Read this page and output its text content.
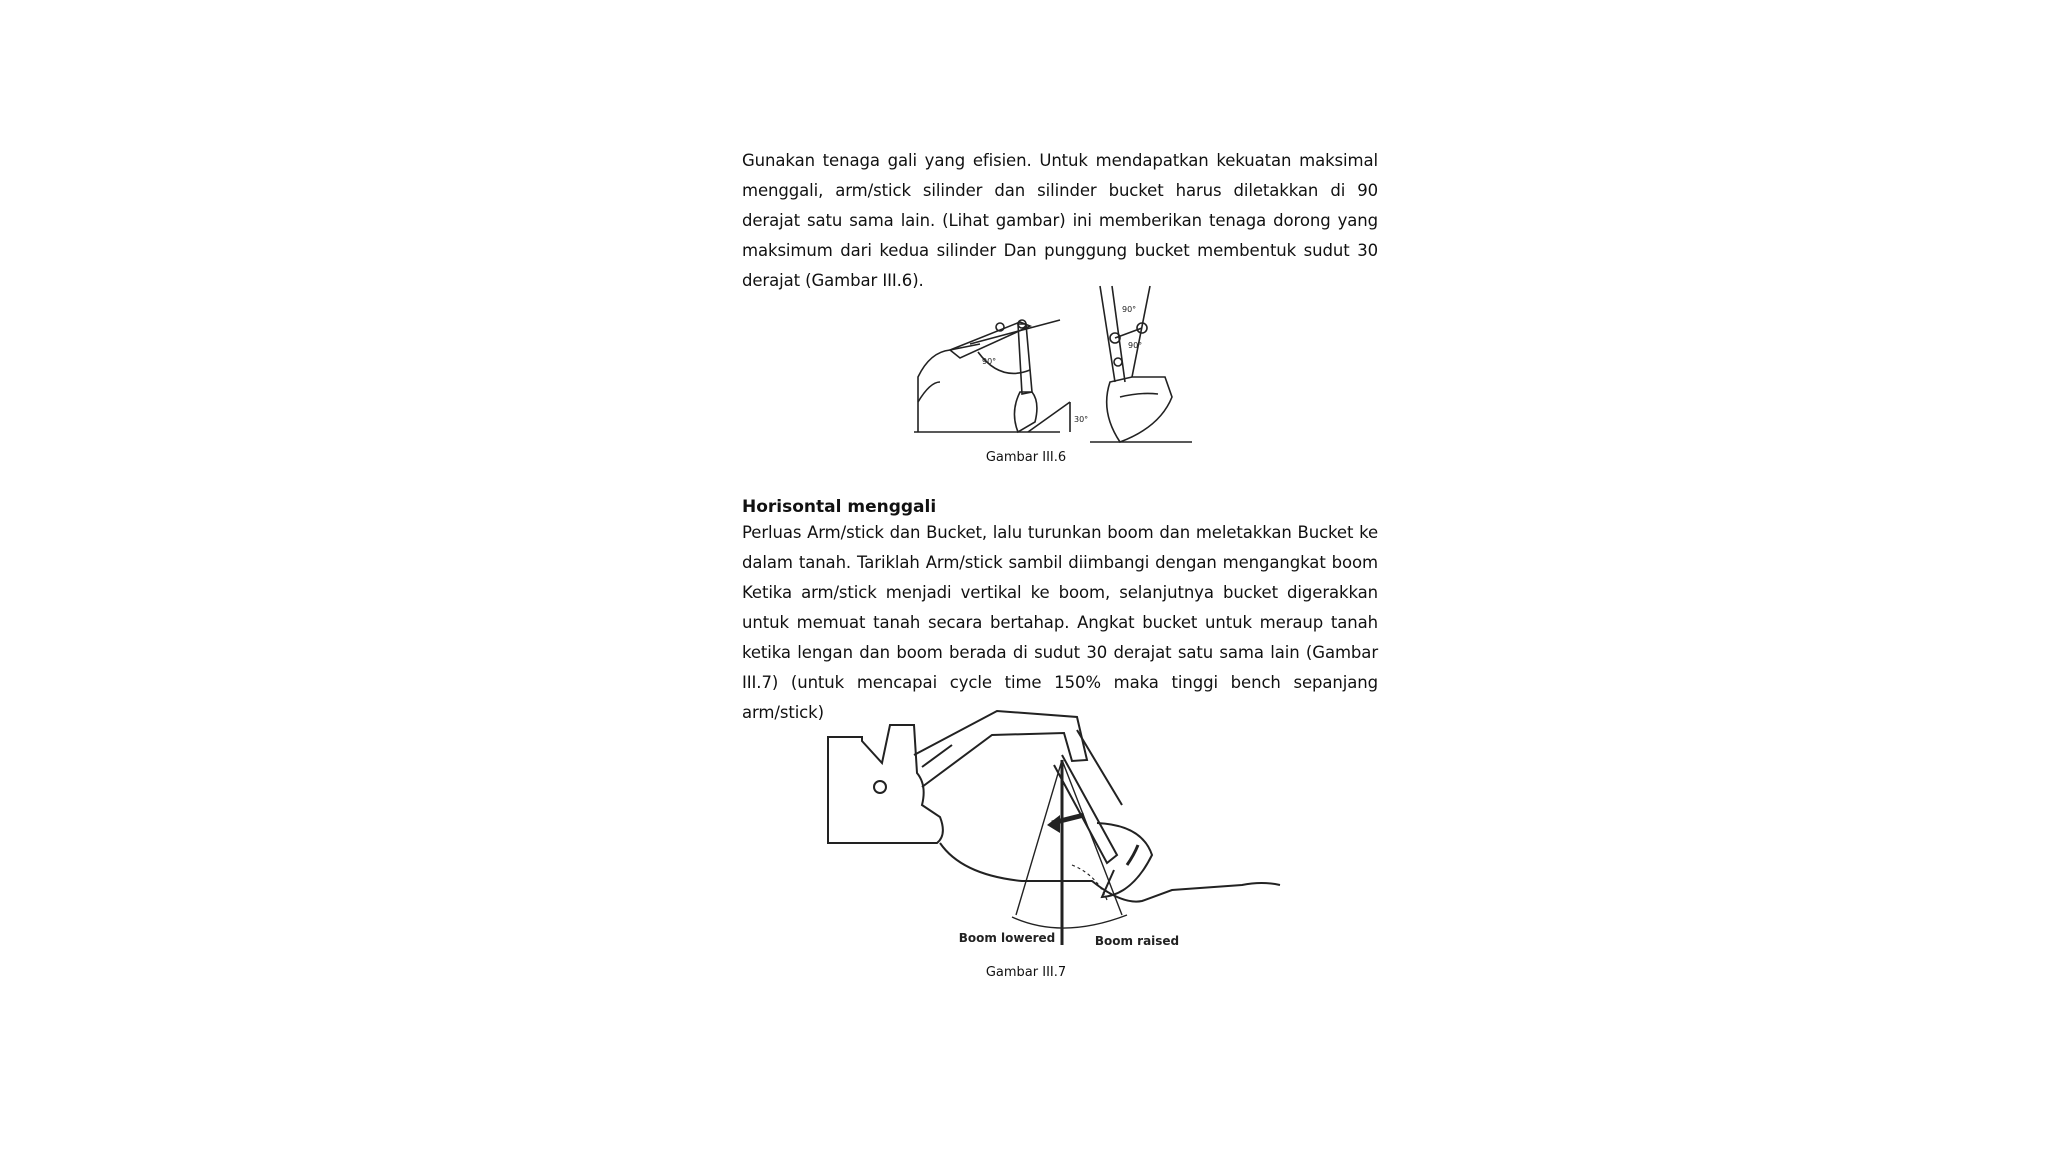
Gunakan tenaga gali yang efisien. Untuk mendapatkan kekuatan maksimal menggali, arm/stick silinder dan silinder bucket harus diletakkan di 90 derajat satu sama lain. (Lihat gambar) ini memberikan tenaga dorong yang maksimum dari kedua silinder Dan punggung bucket membentuk sudut 30 derajat (Gambar III.6).

90°
90°
90°
30°
Gambar III.6
Horisontal menggali

Perluas Arm/stick dan Bucket, lalu turunkan boom dan meletakkan Bucket ke dalam tanah. Tariklah Arm/stick sambil diimbangi dengan mengangkat boom Ketika arm/stick menjadi vertikal ke boom, selanjutnya bucket digerakkan untuk memuat tanah secara bertahap. Angkat bucket untuk meraup tanah ketika lengan dan boom berada di sudut 30 derajat satu sama lain (Gambar III.7) (untuk mencapai cycle time 150% maka tinggi bench sepanjang arm/stick)

Boom lowered	Boom raised
Gambar III.7
